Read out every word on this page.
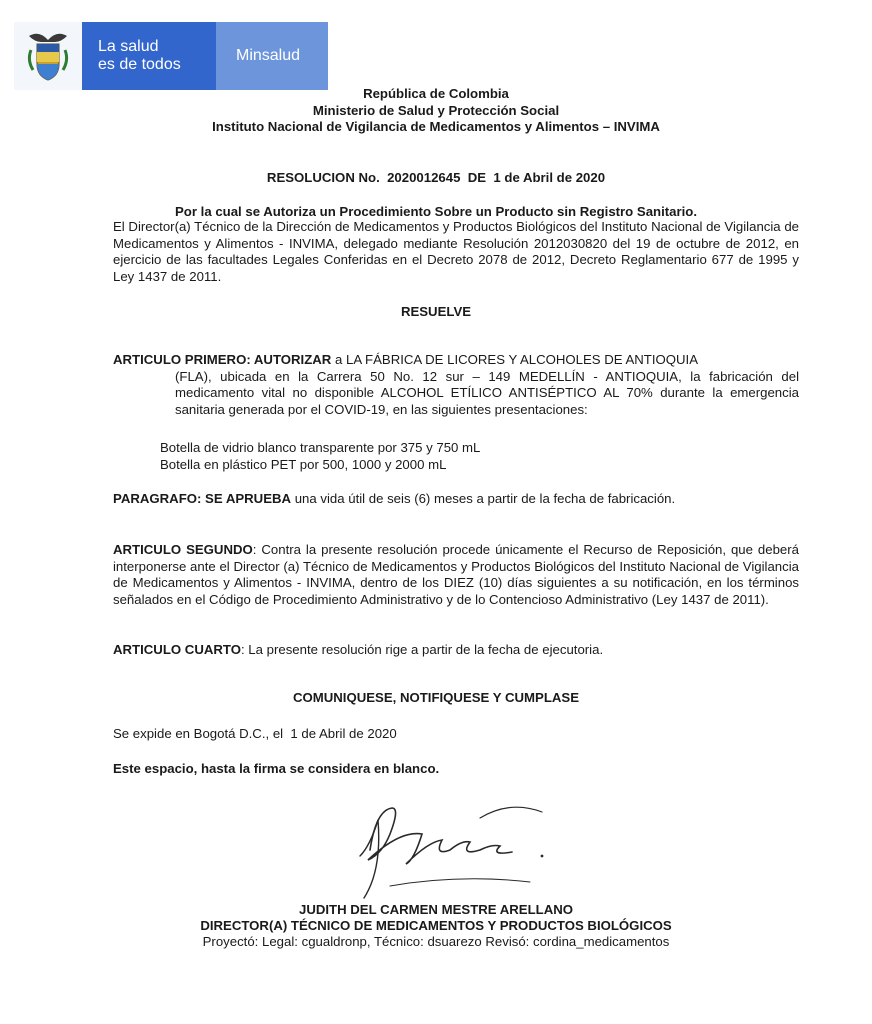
La salud
es de todos
Minsalud
República de Colombia
Ministerio de Salud y Protección Social
Instituto Nacional de Vigilancia de Medicamentos y Alimentos – INVIMA
RESOLUCION No.  2020012645  DE  1 de Abril de 2020
Por la cual se Autoriza un Procedimiento Sobre un Producto sin Registro Sanitario.
El Director(a) Técnico de la Dirección de Medicamentos y Productos Biológicos del Instituto Nacional de Vigilancia de Medicamentos y Alimentos - INVIMA, delegado mediante Resolución 2012030820 del 19 de octubre de 2012, en ejercicio de las facultades Legales Conferidas en el Decreto 2078 de 2012, Decreto Reglamentario 677 de 1995 y Ley 1437 de 2011.
RESUELVE
ARTICULO PRIMERO: AUTORIZAR a LA FÁBRICA DE LICORES Y ALCOHOLES DE ANTIOQUIA
(FLA), ubicada en la Carrera 50 No. 12 sur – 149 MEDELLÍN - ANTIOQUIA, la fabricación del medicamento vital no disponible ALCOHOL ETÍLICO ANTISÉPTICO AL 70% durante la emergencia sanitaria generada por el COVID-19, en las siguientes presentaciones:
Botella de vidrio blanco transparente por 375 y 750 mL
Botella en plástico PET por 500, 1000 y 2000 mL
PARAGRAFO: SE APRUEBA una vida útil de seis (6) meses a partir de la fecha de fabricación.
ARTICULO SEGUNDO: Contra la presente resolución procede únicamente el Recurso de Reposición, que deberá interponerse ante el Director (a) Técnico de Medicamentos y Productos Biológicos del Instituto Nacional de Vigilancia de Medicamentos y Alimentos - INVIMA, dentro de los DIEZ (10) días siguientes a su notificación, en los términos señalados en el Código de Procedimiento Administrativo y de lo Contencioso Administrativo (Ley 1437 de 2011).
ARTICULO CUARTO: La presente resolución rige a partir de la fecha de ejecutoria.
COMUNIQUESE, NOTIFIQUESE Y CUMPLASE
Se expide en Bogotá D.C., el  1 de Abril de 2020
Este espacio, hasta la firma se considera en blanco.
JUDITH DEL CARMEN MESTRE ARELLANO
DIRECTOR(A) TÉCNICO DE MEDICAMENTOS Y PRODUCTOS BIOLÓGICOS
Proyectó: Legal: cgualdronp, Técnico: dsuarezo Revisó: cordina_medicamentos
